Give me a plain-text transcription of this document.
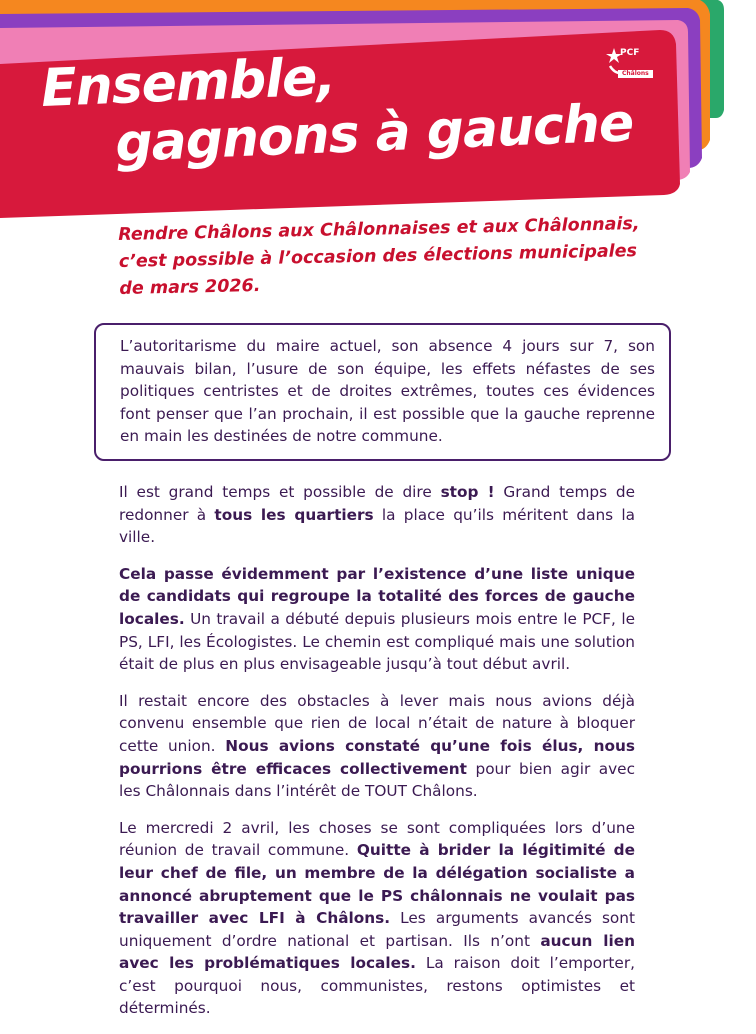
Ensemble,
gagnons à gauche
PCF
Châlons

Rendre Châlons aux Châlonnaises et aux Châlonnais, c’est possible à l’occasion des élections municipales de mars 2026.

L’autoritarisme du maire actuel, son absence 4 jours sur 7, son mauvais bilan, l’usure de son équipe, les effets néfastes de ses politiques centristes et de droites extrêmes, toutes ces évidences font penser que l’an prochain, il est possible que la gauche reprenne en main les destinées de notre commune.

Il est grand temps et possible de dire stop ! Grand temps de redonner à tous les quartiers la place qu’ils méritent dans la ville.

Cela passe évidemment par l’existence d’une liste unique de candidats qui regroupe la totalité des forces de gauche locales. Un travail a débuté depuis plusieurs mois entre le PCF, le PS, LFI, les Écologistes. Le chemin est compliqué mais une solution était de plus en plus envisageable jusqu’à tout début avril.

Il restait encore des obstacles à lever mais nous avions déjà convenu ensemble que rien de local n’était de nature à bloquer cette union. Nous avions constaté qu’une fois élus, nous pourrions être efficaces collectivement pour bien agir avec les Châlonnais dans l’intérêt de TOUT Châlons.

Le mercredi 2 avril, les choses se sont compliquées lors d’une réunion de travail commune. Quitte à brider la légitimité de leur chef de file, un membre de la délégation socialiste a annoncé abruptement que le PS châlonnais ne voulait pas travailler avec LFI à Châlons. Les arguments avancés sont uniquement d’ordre national et partisan. Ils n’ont aucun lien avec les problématiques locales. La raison doit l’emporter, c’est pourquoi nous, communistes, restons optimistes et déterminés.
